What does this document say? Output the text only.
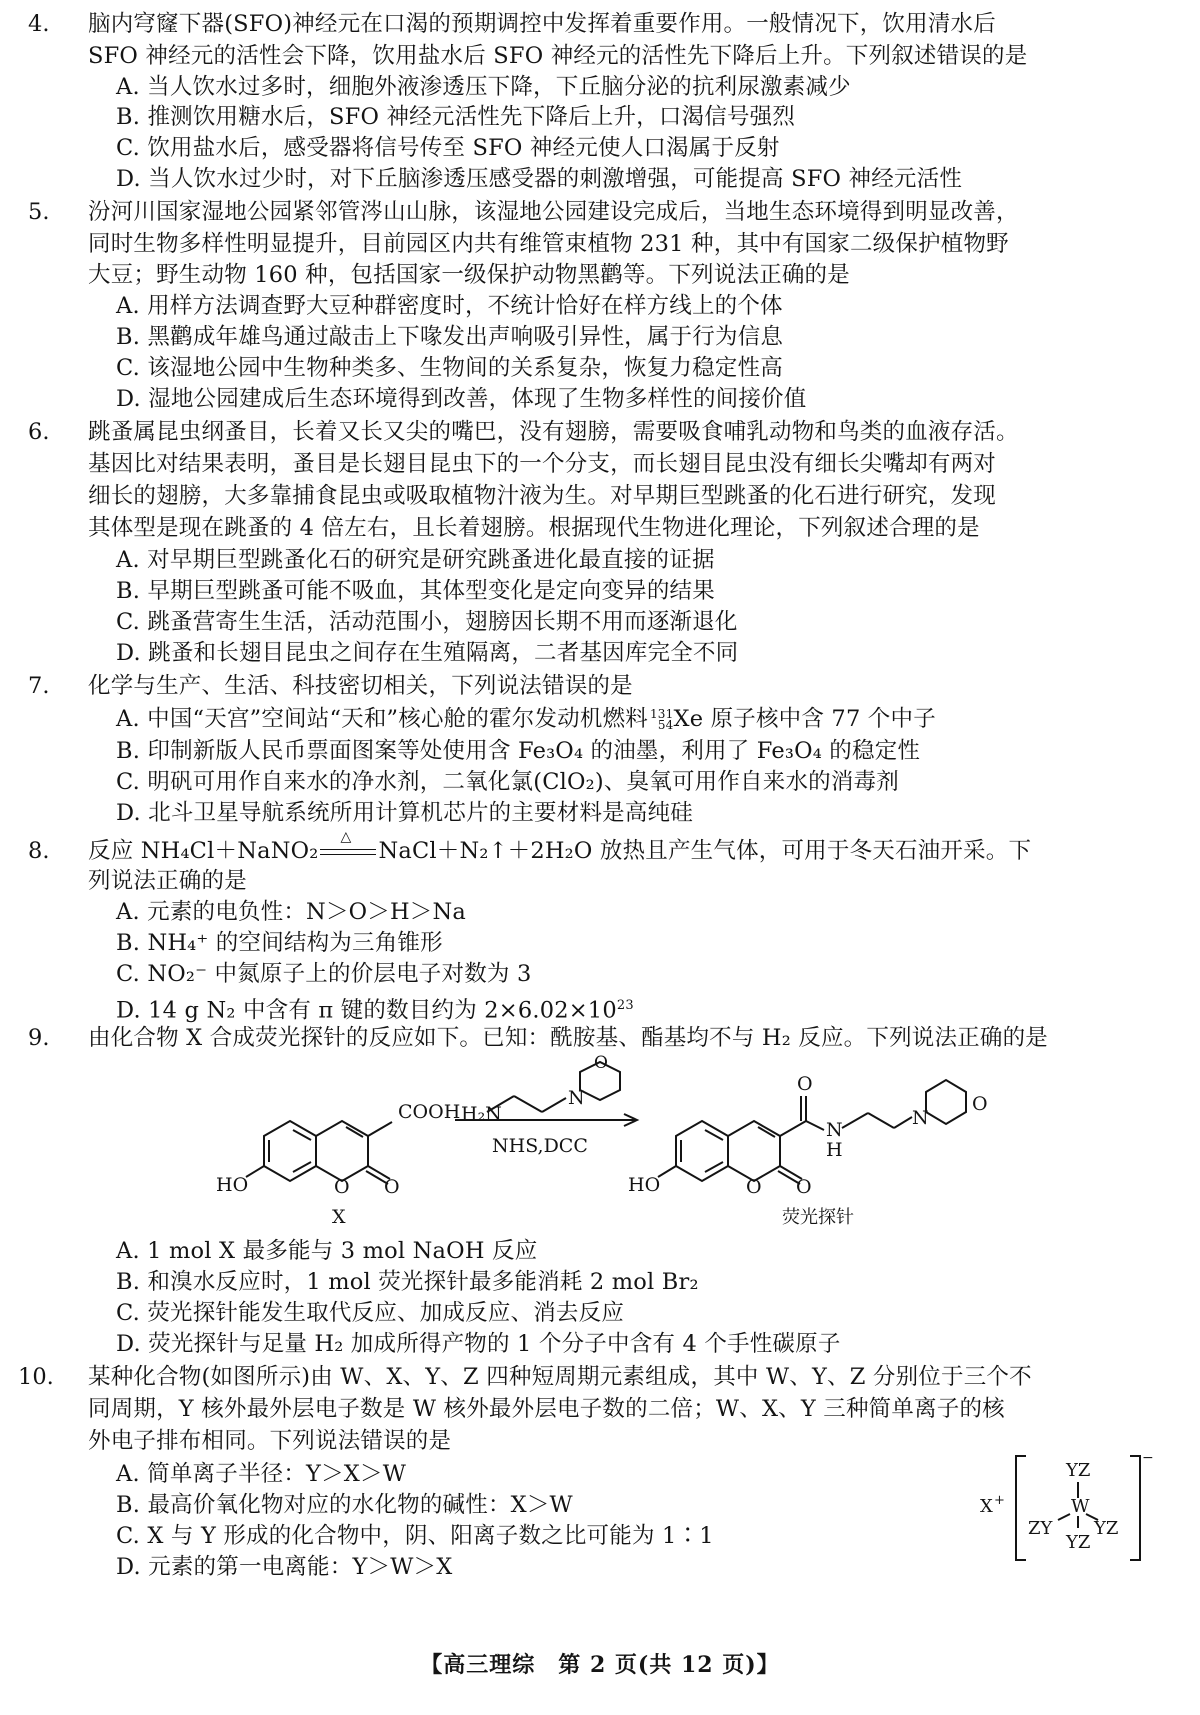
4. 脑内穹窿下器(SFO)神经元在口渴的预期调控中发挥着重要作用。一般情况下，饮用清水后
SFO 神经元的活性会下降，饮用盐水后 SFO 神经元的活性先下降后上升。下列叙述错误的是
A. 当人饮水过多时，细胞外液渗透压下降，下丘脑分泌的抗利尿激素减少
B. 推测饮用糖水后，SFO 神经元活性先下降后上升，口渴信号强烈
C. 饮用盐水后，感受器将信号传至 SFO 神经元使人口渴属于反射
D. 当人饮水过少时，对下丘脑渗透压感受器的刺激增强，可能提高 SFO 神经元活性
5. 汾河川国家湿地公园紧邻管涔山山脉，该湿地公园建设完成后，当地生态环境得到明显改善，
同时生物多样性明显提升，目前园区内共有维管束植物 231 种，其中有国家二级保护植物野
大豆；野生动物 160 种，包括国家一级保护动物黑鹳等。下列说法正确的是
A. 用样方法调查野大豆种群密度时，不统计恰好在样方线上的个体
B. 黑鹳成年雄鸟通过敲击上下喙发出声响吸引异性，属于行为信息
C. 该湿地公园中生物种类多、生物间的关系复杂，恢复力稳定性高
D. 湿地公园建成后生态环境得到改善，体现了生物多样性的间接价值
6. 跳蚤属昆虫纲蚤目，长着又长又尖的嘴巴，没有翅膀，需要吸食哺乳动物和鸟类的血液存活。
基因比对结果表明，蚤目是长翅目昆虫下的一个分支，而长翅目昆虫没有细长尖嘴却有两对
细长的翅膀，大多靠捕食昆虫或吸取植物汁液为生。对早期巨型跳蚤的化石进行研究，发现
其体型是现在跳蚤的 4 倍左右，且长着翅膀。根据现代生物进化理论，下列叙述合理的是
A. 对早期巨型跳蚤化石的研究是研究跳蚤进化最直接的证据
B. 早期巨型跳蚤可能不吸血，其体型变化是定向变异的结果
C. 跳蚤营寄生生活，活动范围小，翅膀因长期不用而逐渐退化
D. 跳蚤和长翅目昆虫之间存在生殖隔离，二者基因库完全不同
7. 化学与生产、生活、科技密切相关，下列说法错误的是
A. 中国“天宫”空间站“天和”核心舱的霍尔发动机燃料 131
54 Xe 原子核中含 77 个中子
B. 印制新版人民币票面图案等处使用含 Fe₃O₄ 的油墨，利用了 Fe₃O₄ 的稳定性
C. 明矾可用作自来水的净水剂，二氧化氯(ClO₂)、臭氧可用作自来水的消毒剂
D. 北斗卫星导航系统所用计算机芯片的主要材料是高纯硅
8. 反应 NH₄Cl＋NaNO₂
△
NaCl＋N₂↑＋2H₂O 放热且产生气体，可用于冬天石油开采。下
列说法正确的是
A. 元素的电负性：N＞O＞H＞Na
B. NH₄⁺ 的空间结构为三角锥形
C. NO₂⁻ 中氮原子上的价层电子对数为 3
D. 14 g N₂ 中含有 π 键的数目约为 $2\times 6.02\times 10^{23}$
9. 由化合物 X 合成荧光探针的反应如下。已知：酰胺基、酯基均不与 H₂ 反应。下列说法正确的是
COOH
HO	O
O
X
H₂N
N
O
NHS,DCC
HO	O
O
O
N
H
N
O
荧光探针
A. 1 mol X 最多能与 3 mol NaOH 反应
B. 和溴水反应时，1 mol 荧光探针最多能消耗 2 mol Br₂
C. 荧光探针能发生取代反应、加成反应、消去反应
D. 荧光探针与足量 H₂ 加成所得产物的 1 个分子中含有 4 个手性碳原子
10. 某种化合物(如图所示)由 W、X、Y、Z 四种短周期元素组成，其中 W、Y、Z 分别位于三个不
同周期，Y 核外最外层电子数是 W 核外最外层电子数的二倍；W、X、Y 三种简单离子的核
外电子排布相同。下列说法错误的是
A. 简单离子半径：Y＞X＞W
B. 最高价氧化物对应的水化物的碱性：X＞W
C. X 与 Y 形成的化合物中，阴、阳离子数之比可能为 1∶1
D. 元素的第一电离能：Y＞W＞X
X +
YZ
W
ZY YZ
YZ
−
【高三理综　第 2 页(共 12 页)】
